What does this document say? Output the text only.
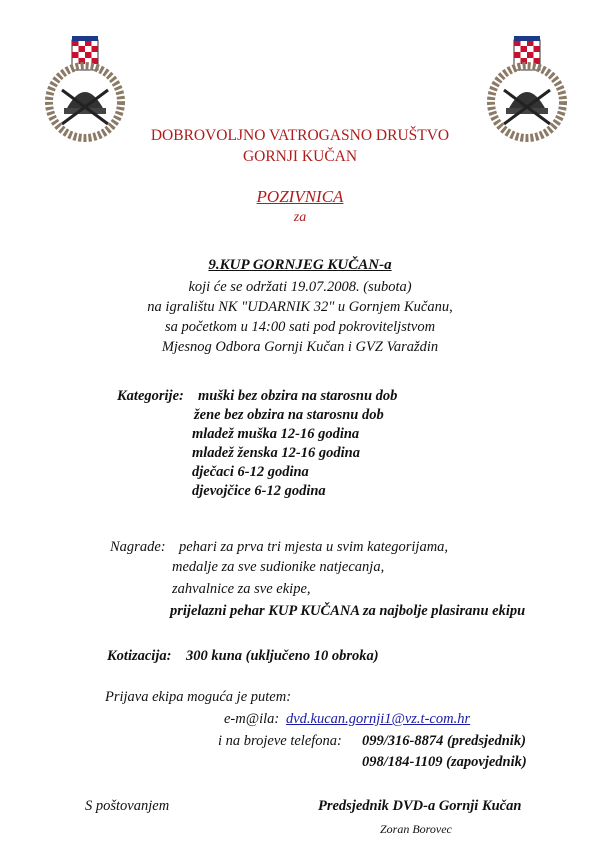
DOBROVOLJNO VATROGASNO DRUŠTVO
GORNJI KUČAN
POZIVNICA
za
9.KUP GORNJEG KUČAN-a
koji će se održati 19.07.2008. (subota)
na igralištu NK "UDARNIK 32" u Gornjem Kučanu,
sa početkom u 14:00 sati pod pokroviteljstvom
Mjesnog Odbora Gornji Kučan i GVZ Varaždin
Kategorije: muški bez obzira na starosnu dob
žene bez obzira na starosnu dob
mladež muška 12-16 godina
mladež ženska 12-16 godina
dječaci 6-12 godina
djevojčice 6-12 godina
Nagrade: pehari za prva tri mjesta u svim kategorijama,
medalje za sve sudionike natjecanja,
zahvalnice za sve ekipe,
prijelazni pehar KUP KUČANA za najbolje plasiranu ekipu
Kotizacija: 300 kuna (uključeno 10 obroka)
Prijava ekipa moguća je putem:
e-m@ila: dvd.kucan.gornji1@vz.t-com.hr
i na brojeve telefona: 099/316-8874 (predsjednik)
098/184-1109 (zapovjednik)
S poštovanjem	Predsjednik DVD-a Gornji Kučan
Zoran Borovec
